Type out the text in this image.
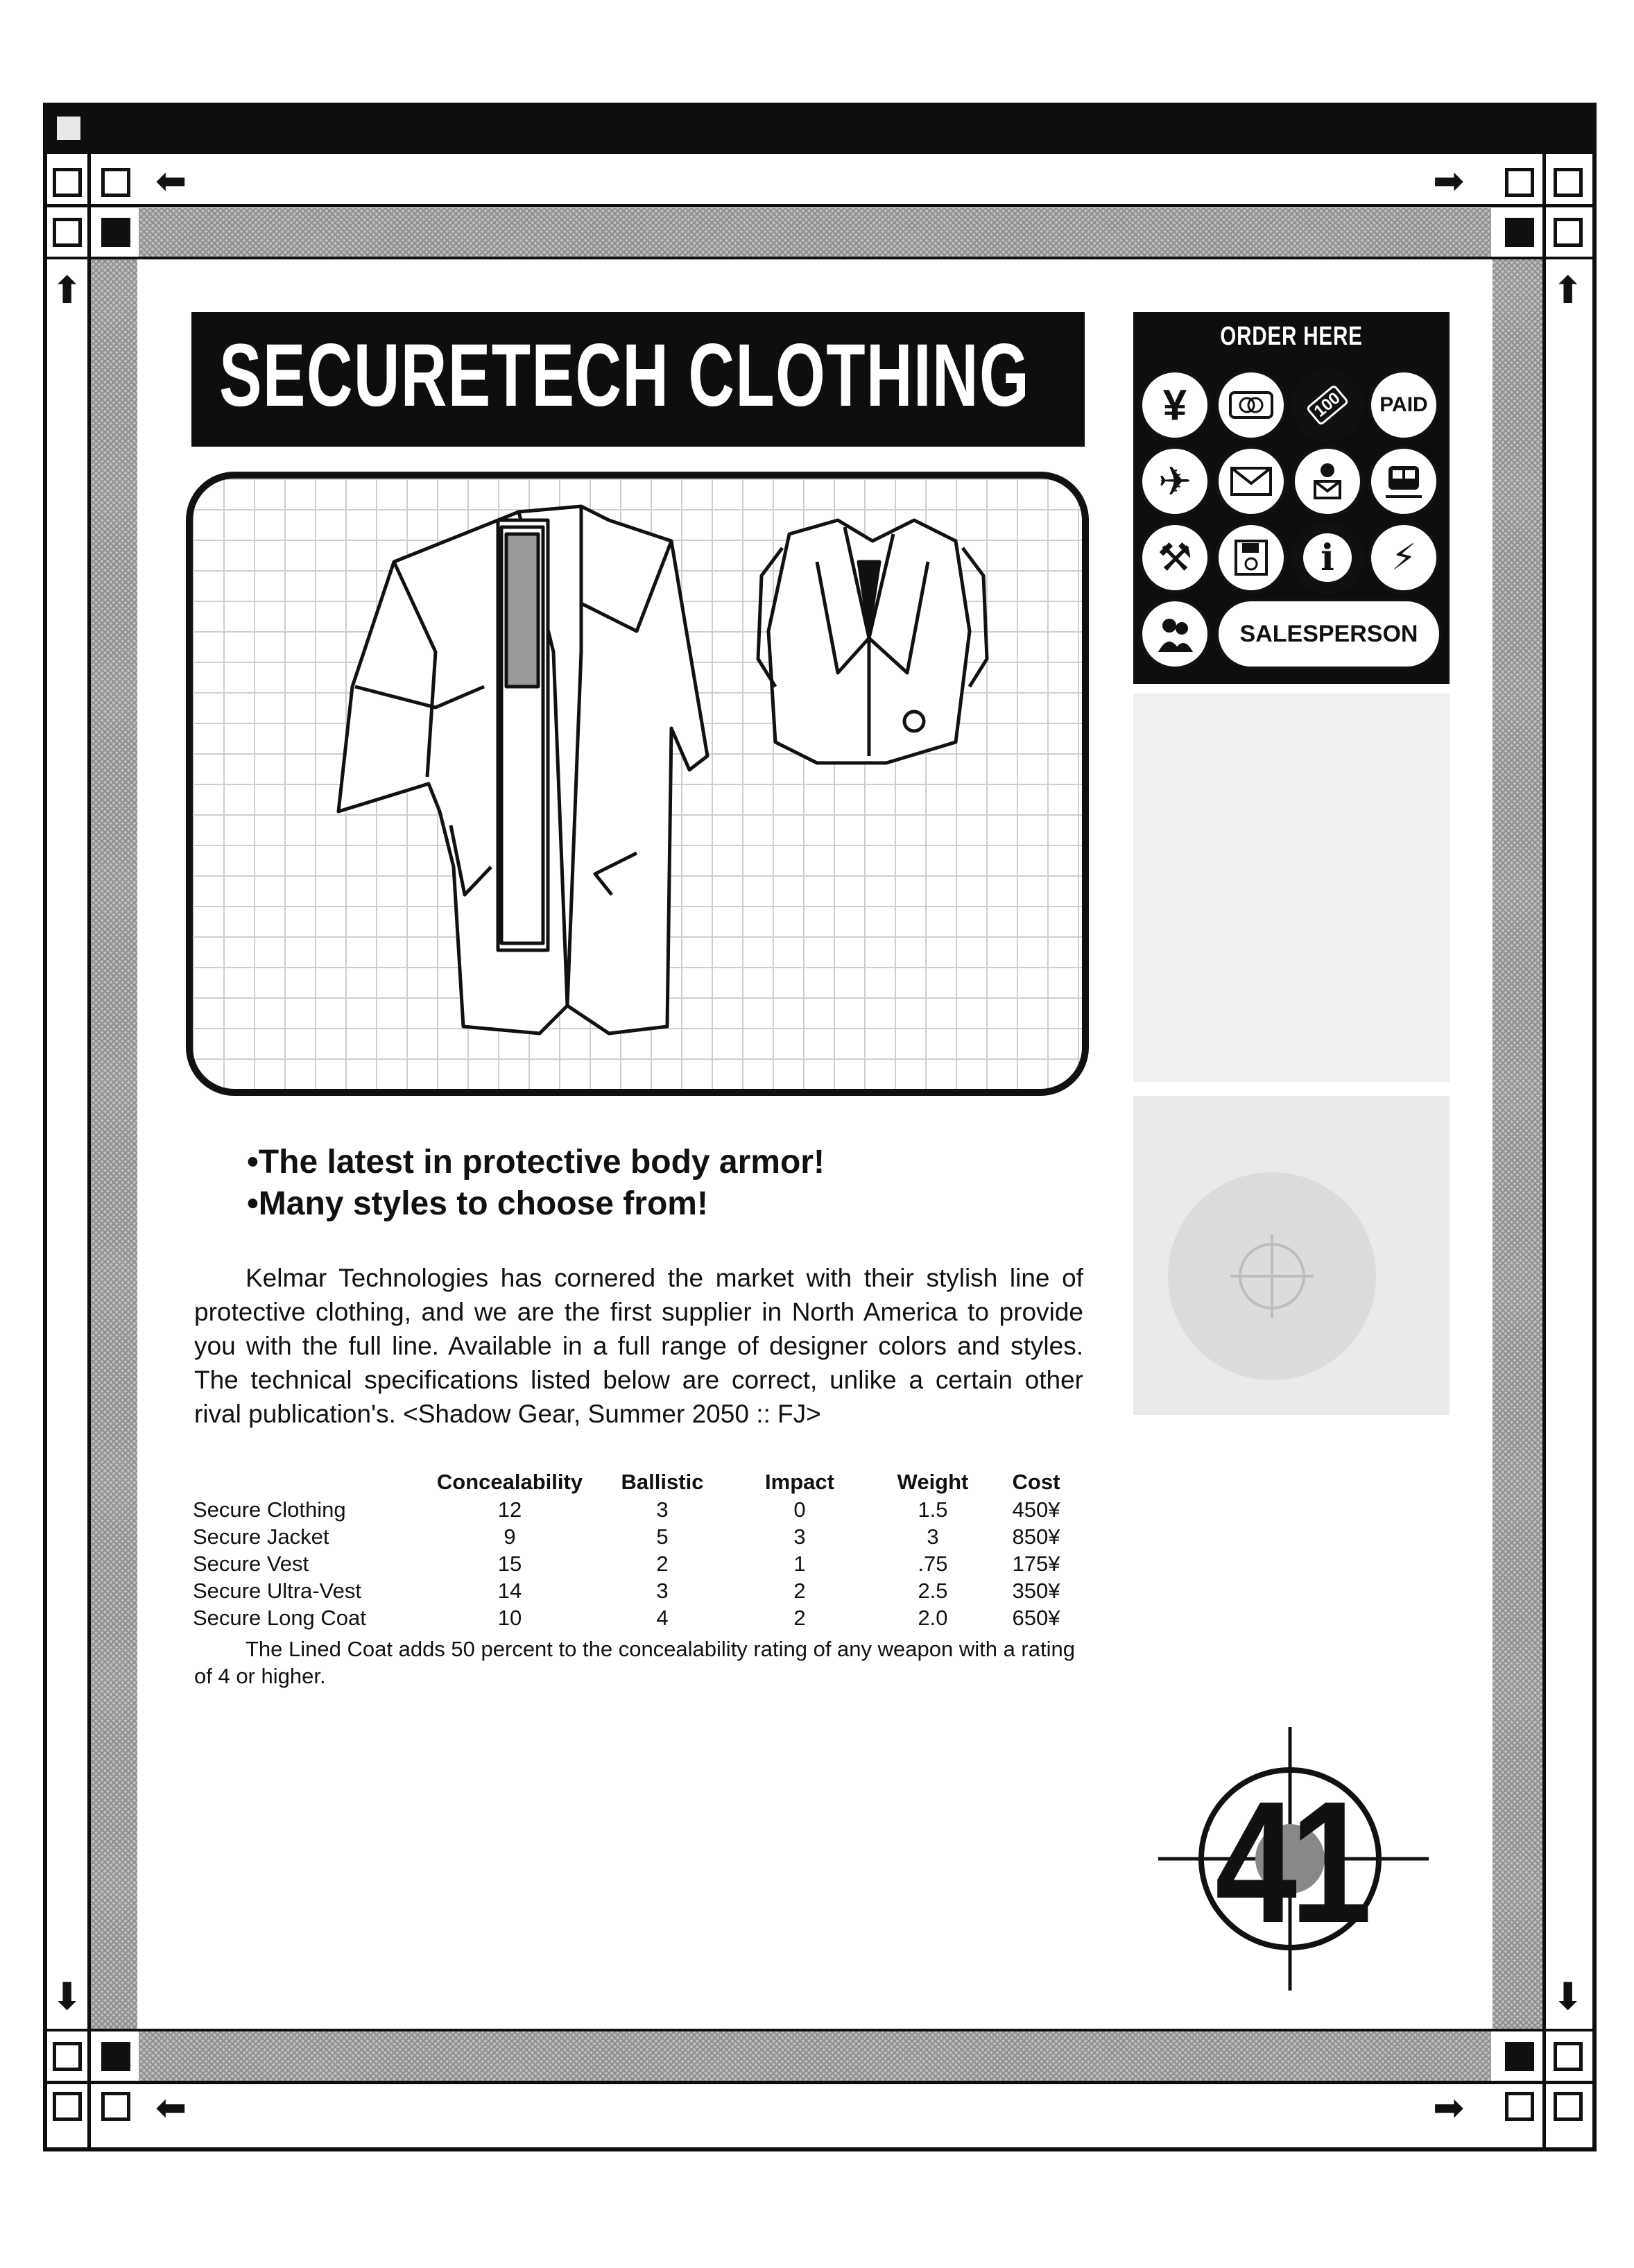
⬅	➡
⬆	⬆
⬇	⬇
⬅	➡
SECURETECH CLOTHING
•The latest in protective body armor!
•Many styles to choose from!
Kelmar Technologies has cornered the market with their stylish line of protective clothing, and we are the first supplier in North America to provide you with the full line. Available in a full range of designer colors and styles. The technical specifications listed below are correct, unlike a certain other rival publication's. <Shadow Gear, Summer 2050 :: FJ>
	Concealability	Ballistic	Impact	Weight	Cost
Secure Clothing	12	3	0	1.5	450¥
Secure Jacket	9	5	3	3	850¥
Secure Vest	15	2	1	.75	175¥
Secure Ultra-Vest	14	3	2	2.5	350¥
Secure Long Coat	10	4	2	2.0	650¥
The Lined Coat adds 50 percent to the concealability rating of any weapon with a rating of 4 or higher.
ORDER HERE
¥	100 PAID
✈
⚒	i	⚡
SALESPERSON
41
